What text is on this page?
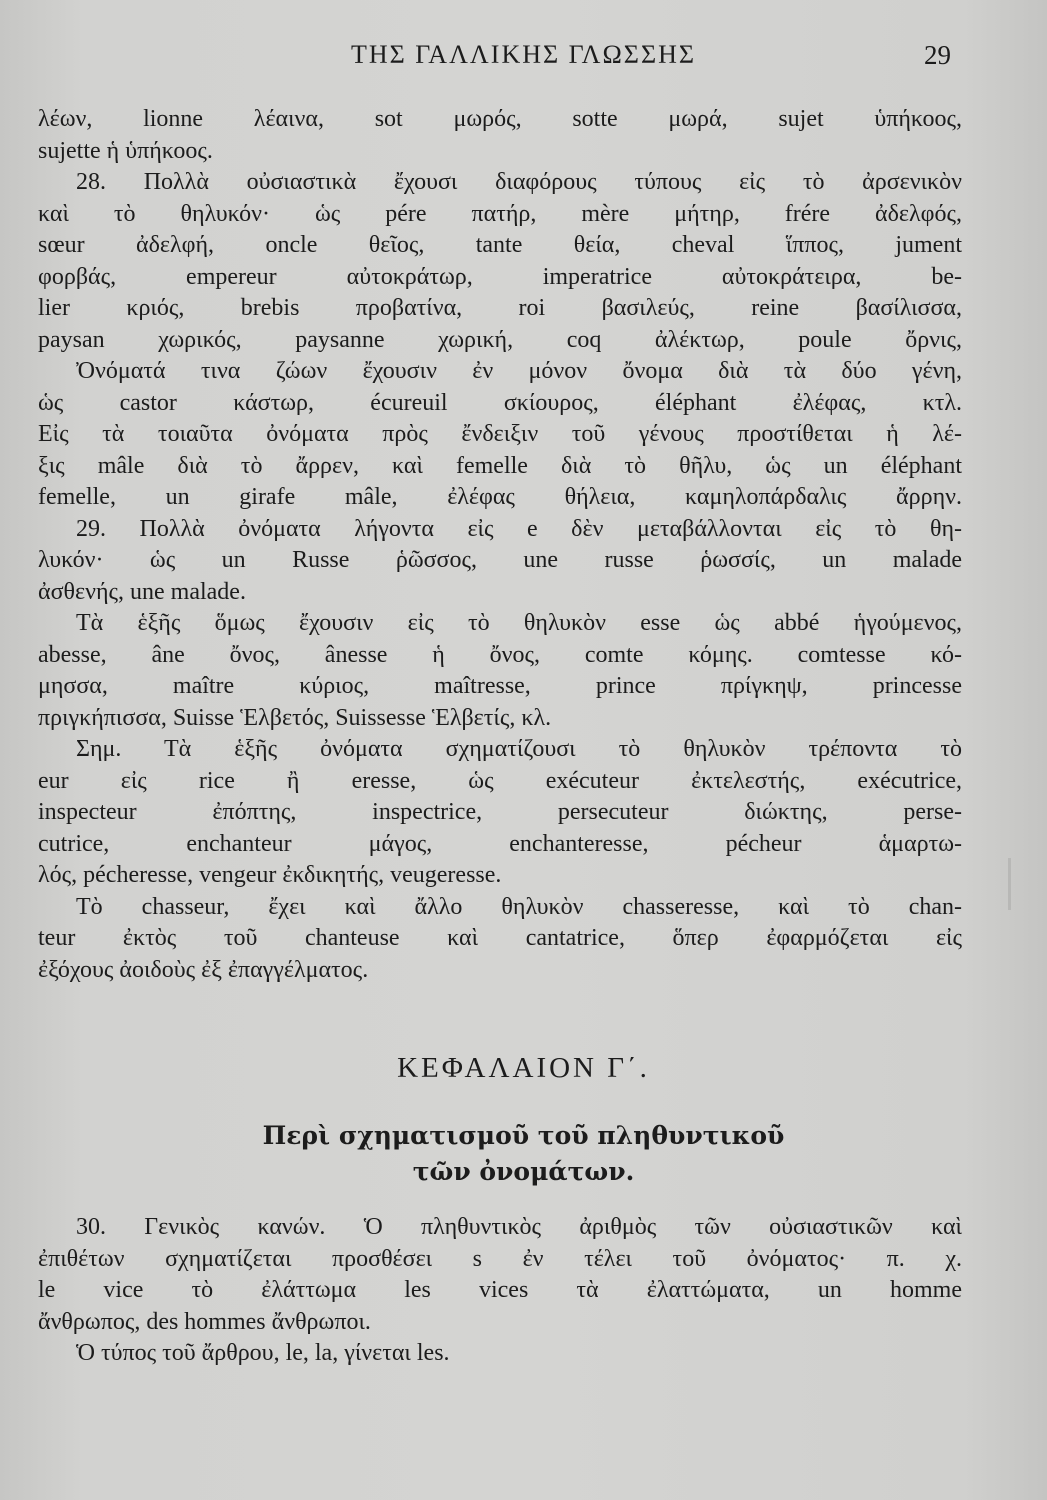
ΤΗΣ ΓΑΛΛΙΚΗΣ ΓΛΩΣΣΗΣ	29
λέων, lionne λέαινα, sot μωρός, sotte μωρά, sujet ὑπήκοος,
sujette ἡ ὑπήκοος.
28. Πολλὰ οὐσιαστικὰ ἔχουσι διαφόρους τύπους εἰς τὸ ἀρσενικὸν
καὶ τὸ θηλυκόν· ὡς pére πατήρ, mère μήτηρ, frére ἀδελφός,
sœur ἀδελφή, oncle θεῖος, tante θεία, cheval ἵππος, jument
φορβάς, empereur αὐτοκράτωρ, imperatrice αὐτοκράτειρα, be-
lier κριός, brebis προβατίνα, roi βασιλεύς, reine βασίλισσα,
paysan χωρικός, paysanne χωρική, coq ἀλέκτωρ, poule ὄρνις,
Ὀνόματά τινα ζώων ἔχουσιν ἐν μόνον ὄνομα διὰ τὰ δύο γένη,
ὡς castor κάστωρ, écureuil σκίουρος, éléphant ἐλέφας, κτλ.
Εἰς τὰ τοιαῦτα ὀνόματα πρὸς ἔνδειξιν τοῦ γένους προστίθεται ἡ λέ-
ξις mâle διὰ τὸ ἄρρεν, καὶ femelle διὰ τὸ θῆλυ, ὡς un éléphant
femelle, un girafe mâle, ἐλέφας θήλεια, καμηλοπάρδαλις ἄρρην.
29. Πολλὰ ὀνόματα λήγοντα εἰς e δὲν μεταβάλλονται εἰς τὸ θη-
λυκόν· ὡς un Russe ῥῶσσος, une russe ῥωσσίς, un malade
ἀσθενής, une malade.
Τὰ ἑξῆς ὅμως ἔχουσιν εἰς τὸ θηλυκὸν esse ὡς abbé ἡγούμενος,
abesse, âne ὄνος, ânesse ἡ ὄνος, comte κόμης. comtesse κό-
μησσα, maître κύριος, maîtresse, prince πρίγκηψ, princesse
πριγκήπισσα, Suisse Ἑλβετός, Suissesse Ἑλβετίς, κλ.
Σημ. Τὰ ἑξῆς ὀνόματα σχηματίζουσι τὸ θηλυκὸν τρέποντα τὸ
eur εἰς rice ἢ eresse, ὡς exécuteur ἐκτελεστής, exécutrice,
inspecteur ἐπόπτης, inspectrice, persecuteur διώκτης, perse-
cutrice, enchanteur μάγος, enchanteresse, pécheur ἁμαρτω-
λός, pécheresse, vengeur ἐκδικητής, veugeresse.
Τὸ chasseur, ἔχει καὶ ἄλλο θηλυκὸν chasseresse, καὶ τὸ chan-
teur ἐκτὸς τοῦ chanteuse καὶ cantatrice, ὅπερ ἐφαρμόζεται εἰς
ἐξόχους ἀοιδοὺς ἐξ ἐπαγγέλματος.
ΚΕΦΑΛΑΙΟΝ Γ΄.
Περὶ σχηματισμοῦ τοῦ πληθυντικοῦ
τῶν ὀνομάτων.
30. Γενικὸς κανών. Ὁ πληθυντικὸς ἀριθμὸς τῶν οὐσιαστικῶν καὶ
ἐπιθέτων σχηματίζεται προσθέσει s ἐν τέλει τοῦ ὀνόματος· π. χ.
le vice τὸ ἐλάττωμα les vices τὰ ἐλαττώματα, un homme
ἄνθρωπος, des hommes ἄνθρωποι.
Ὁ τύπος τοῦ ἄρθρου, le, la, γίνεται les.
